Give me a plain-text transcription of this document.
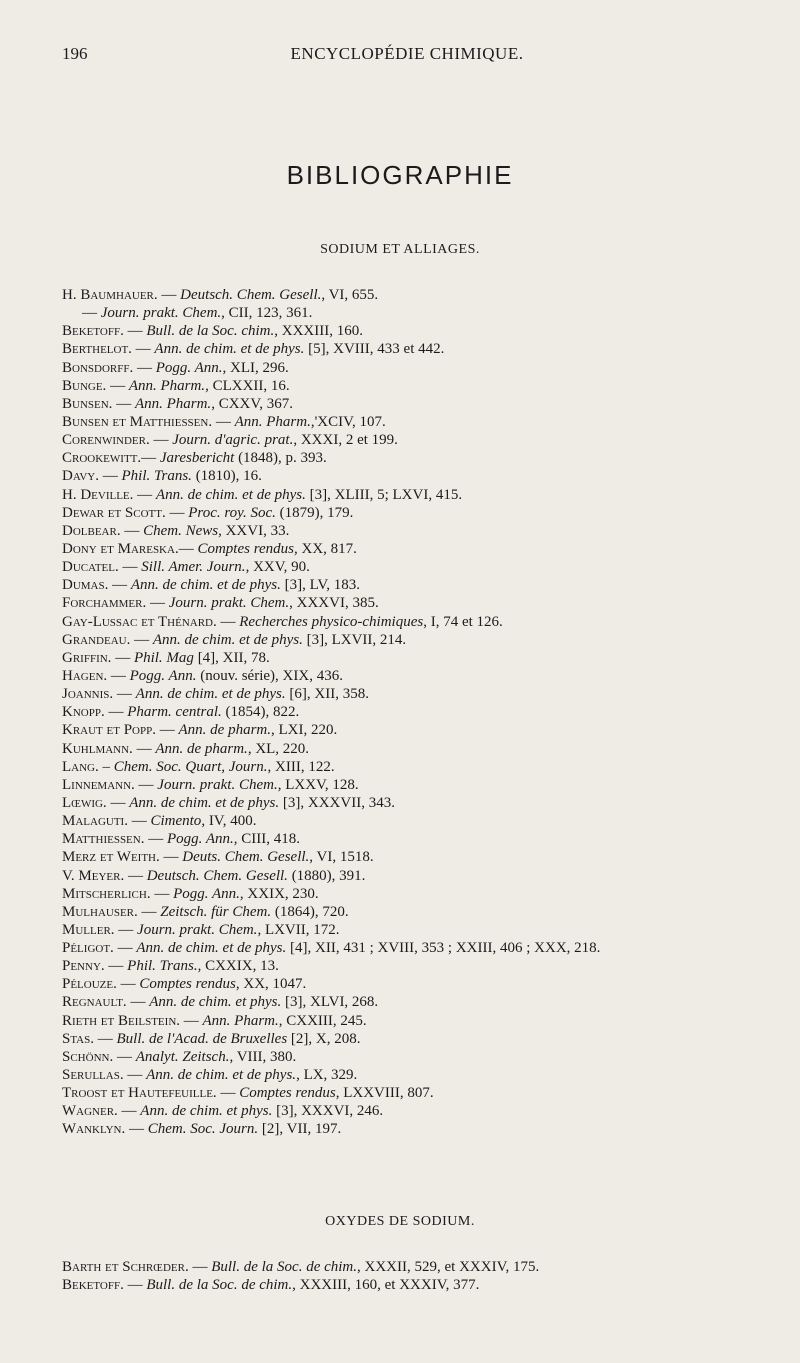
196	ENCYCLOPÉDIE CHIMIQUE.
BIBLIOGRAPHIE
SODIUM ET ALLIAGES.
H. Baumhauer. — Deutsch. Chem. Gesell., VI, 655.
— Journ. prakt. Chem., CII, 123, 361.
Beketoff. — Bull. de la Soc. chim., XXXIII, 160.
Berthelot. — Ann. de chim. et de phys. [5], XVIII, 433 et 442.
Bonsdorff. — Pogg. Ann., XLI, 296.
Bunge. — Ann. Pharm., CLXXII, 16.
Bunsen. — Ann. Pharm., CXXV, 367.
Bunsen et Matthiessen. — Ann. Pharm.,'XCIV, 107.
Corenwinder. — Journ. d'agric. prat., XXXI, 2 et 199.
Crookewitt.— Jaresbericht (1848), p. 393.
Davy. — Phil. Trans. (1810), 16.
H. Deville. — Ann. de chim. et de phys. [3], XLIII, 5; LXVI, 415.
Dewar et Scott. — Proc. roy. Soc. (1879), 179.
Dolbear. — Chem. News, XXVI, 33.
Dony et Mareska.— Comptes rendus, XX, 817.
Ducatel. — Sill. Amer. Journ., XXV, 90.
Dumas. — Ann. de chim. et de phys. [3], LV, 183.
Forchammer. — Journ. prakt. Chem., XXXVI, 385.
Gay-Lussac et Thénard. — Recherches physico-chimiques, I, 74 et 126.
Grandeau. — Ann. de chim. et de phys. [3], LXVII, 214.
Griffin. — Phil. Mag [4], XII, 78.
Hagen. — Pogg. Ann. (nouv. série), XIX, 436.
Joannis. — Ann. de chim. et de phys. [6], XII, 358.
Knopp. — Pharm. central. (1854), 822.
Kraut et Popp. — Ann. de pharm., LXI, 220.
Kuhlmann. — Ann. de pharm., XL, 220.
Lang. – Chem. Soc. Quart, Journ., XIII, 122.
Linnemann. — Journ. prakt. Chem., LXXV, 128.
Lœwig. — Ann. de chim. et de phys. [3], XXXVII, 343.
Malaguti. — Cimento, IV, 400.
Matthiessen. — Pogg. Ann., CIII, 418.
Merz et Weith. — Deuts. Chem. Gesell., VI, 1518.
V. Meyer. — Deutsch. Chem. Gesell. (1880), 391.
Mitscherlich. — Pogg. Ann., XXIX, 230.
Mulhauser. — Zeitsch. für Chem. (1864), 720.
Muller. — Journ. prakt. Chem., LXVII, 172.
Péligot. — Ann. de chim. et de phys. [4], XII, 431 ; XVIII, 353 ; XXIII, 406 ; XXX, 218.
Penny. — Phil. Trans., CXXIX, 13.
Pélouze. — Comptes rendus, XX, 1047.
Regnault. — Ann. de chim. et phys. [3], XLVI, 268.
Rieth et Beilstein. — Ann. Pharm., CXXIII, 245.
Stas. — Bull. de l'Acad. de Bruxelles [2], X, 208.
Schönn. — Analyt. Zeitsch., VIII, 380.
Serullas. — Ann. de chim. et de phys., LX, 329.
Troost et Hautefeuille. — Comptes rendus, LXXVIII, 807.
Wagner. — Ann. de chim. et phys. [3], XXXVI, 246.
Wanklyn. — Chem. Soc. Journ. [2], VII, 197.
OXYDES DE SODIUM.
Barth et Schrœder. — Bull. de la Soc. de chim., XXXII, 529, et XXXIV, 175.
Beketoff. — Bull. de la Soc. de chim., XXXIII, 160, et XXXIV, 377.
